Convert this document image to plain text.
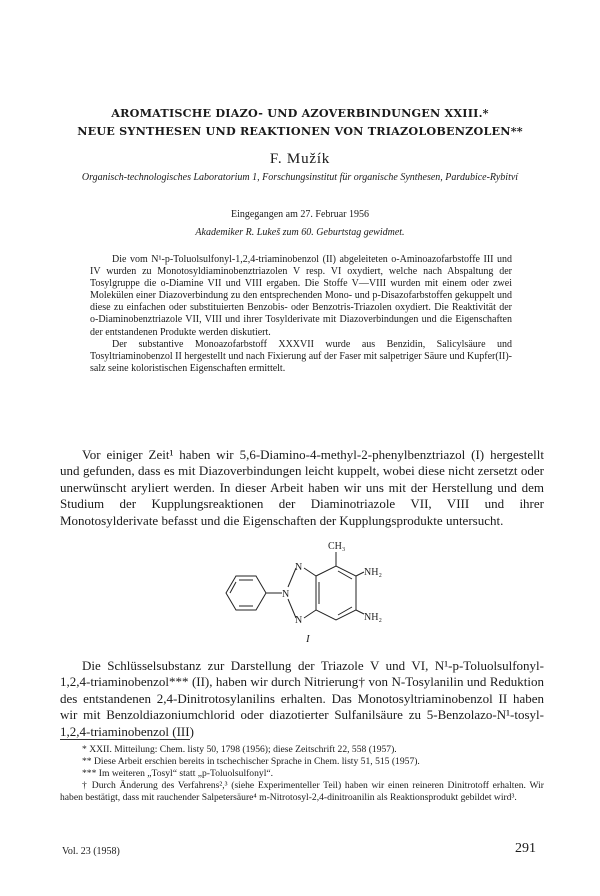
AROMATISCHE DIAZO- UND AZOVERBINDUNGEN XXIII.*
NEUE SYNTHESEN UND REAKTIONEN VON TRIAZOLOBENZOLEN**
F. Mužík
Organisch-technologisches Laboratorium 1, Forschungsinstitut für organische Synthesen, Pardubice-Rybitví
Eingegangen am 27. Februar 1956
Akademiker R. Lukeš zum 60. Geburtstag gewidmet.

Die vom N¹-p-Toluolsulfonyl-1,2,4-triaminobenzol (II) abgeleiteten o-Aminoazofarbstoffe III und IV wurden zu Monotosyldiaminobenztriazolen V resp. VI oxydiert, welche nach Abspaltung der Tosylgruppe die o-Diamine VII und VIII ergaben. Die Stoffe V—VIII wurden mit einem oder zwei Molekülen einer Diazoverbindung zu den entsprechenden Mono- und p-Disazofarbstoffen gekuppelt und diese zu einfachen oder substituierten Benzobis- oder Benzotris-Triazolen oxydiert. Die Reaktivität der o-Diaminobenztriazole VII, VIII und ihrer Tosylderivate mit Diazoverbindungen und die Eigenschaften der entstandenen Produkte werden diskutiert.

Der substantive Monoazofarbstoff XXXVII wurde aus Benzidin, Salicylsäure und Tosyltriaminobenzol II hergestellt und nach Fixierung auf der Faser mit salpetriger Säure und Kupfer(II)-salz seine koloristischen Eigenschaften ermittelt.

Vor einiger Zeit¹ haben wir 5,6-Diamino-4-methyl-2-phenylbenztriazol (I) hergestellt und gefunden, dass es mit Diazoverbindungen leicht kuppelt, wobei diese nicht zersetzt oder unerwünscht aryliert werden. In dieser Arbeit haben wir uns mit der Herstellung und dem Studium der Kupplungsreaktionen der Diaminotriazole VII, VIII und ihrer Monotosylderivate befasst und die Eigenschaften der Kupplungsprodukte untersucht.

CH₃
N
N
N
NH₂
NH₂
I

Die Schlüsselsubstanz zur Darstellung der Triazole V und VI, N¹-p-Toluolsulfonyl-1,2,4-triaminobenzol*** (II), haben wir durch Nitrierung† von N-Tosylanilin und Reduktion des entstandenen 2,4-Dinitrotosylanilins erhalten. Das Monotosyltriaminobenzol II haben wir mit Benzoldiazoniumchlorid oder diazotierter Sulfanilsäure zu 5-Benzolazo-N¹-tosyl-1,2,4-triaminobenzol (III)

* XXII. Mitteilung: Chem. listy 50, 1798 (1956); diese Zeitschrift 22, 558 (1957).

** Diese Arbeit erschien bereits in tschechischer Sprache in Chem. listy 51, 515 (1957).

*** Im weiteren „Tosyl“ statt „p-Toluolsulfonyl“.

† Durch Änderung des Verfahrens²,³ (siehe Experimenteller Teil) haben wir einen reineren Dinitrotoff erhalten. Wir haben bestätigt, dass mit rauchender Salpetersäure⁴ m-Nitrotosyl-2,4-dinitroanilin als Reaktionsprodukt gebildet wird³.

Vol. 23 (1958)	291
